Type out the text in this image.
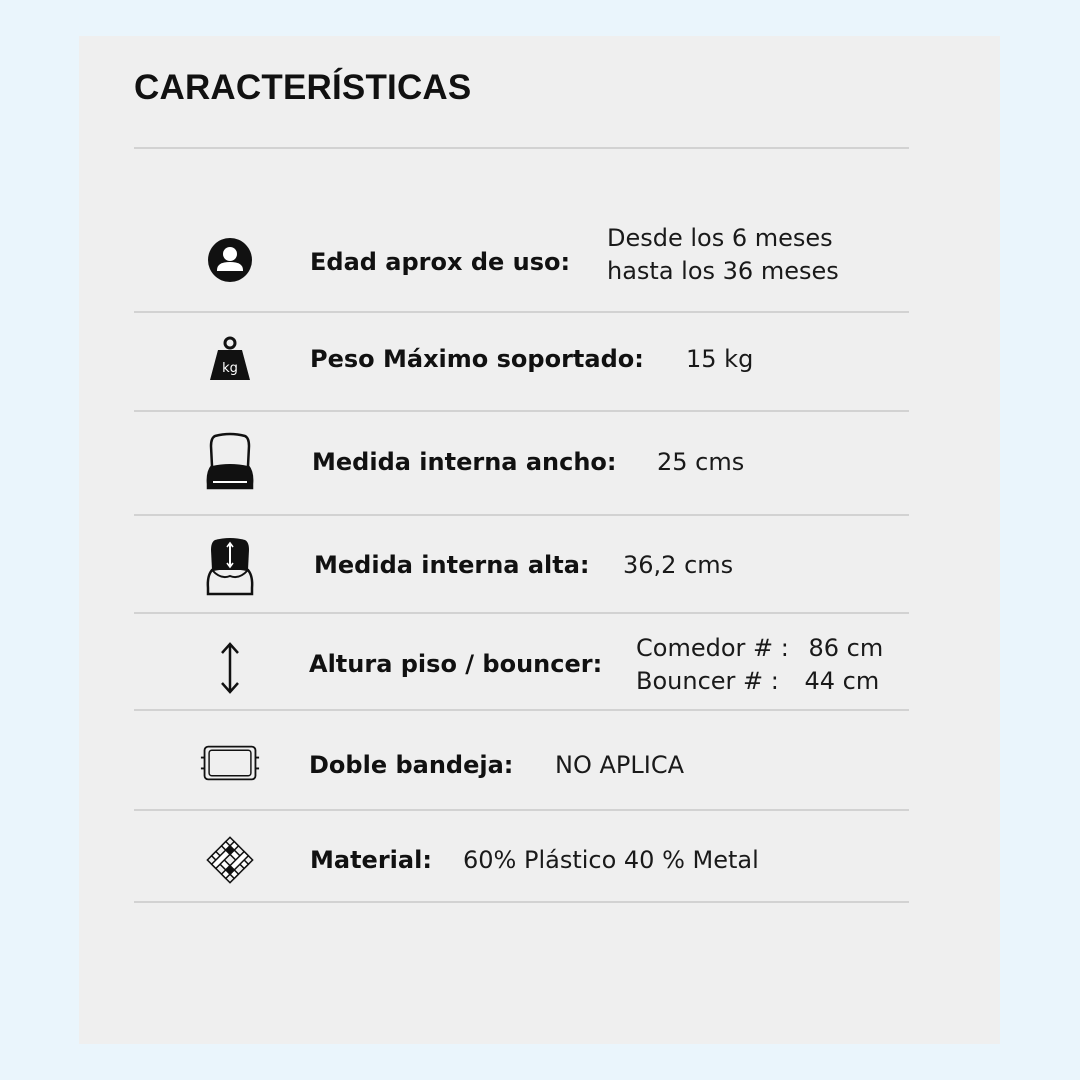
CARACTERÍSTICAS
Edad aprox de uso:
Desde los 6 meses
hasta los 36 meses
kg	Peso Máximo soportado: 15 kg
Medida interna ancho: 25 cms
Medida interna alta: 36,2 cms
Altura piso / bouncer:
Comedor # : 86 cm
Bouncer # : 44 cm
Doble bandeja: NO APLICA
Material: 60% Plástico 40 % Metal
